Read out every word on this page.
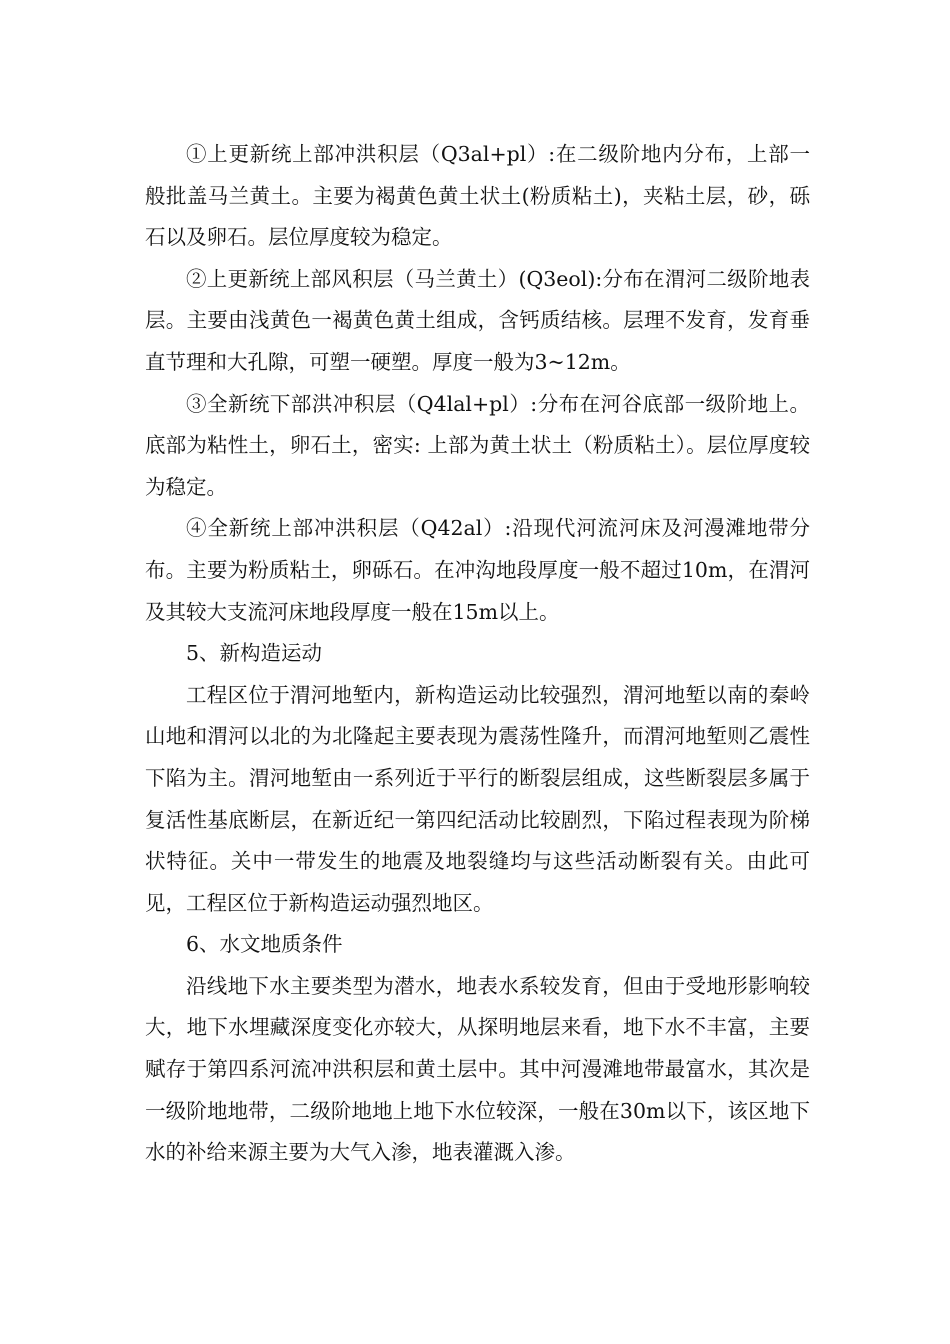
①上更新统上部冲洪积层（Q3al+pl）:在二级阶地内分布，上部一般批盖马兰黄土。主要为褐黄色黄土状土(粉质粘土)，夹粘土层，砂，砾石以及卵石。层位厚度较为稳定。

②上更新统上部风积层（马兰黄土）(Q3eol):分布在渭河二级阶地表层。主要由浅黄色一褐黄色黄土组成，含钙质结核。层理不发育，发育垂直节理和大孔隙，可塑一硬塑。厚度一般为3~12m。

③全新统下部洪冲积层（Q4lal+pl）:分布在河谷底部一级阶地上。底部为粘性土，卵石土，密实: 上部为黄土状土（粉质粘土）。层位厚度较为稳定。

④全新统上部冲洪积层（Q42al）:沿现代河流河床及河漫滩地带分布。主要为粉质粘土，卵砾石。在冲沟地段厚度一般不超过10m，在渭河及其较大支流河床地段厚度一般在15m以上。

5、新构造运动

工程区位于渭河地堑内，新构造运动比较强烈，渭河地堑以南的秦岭山地和渭河以北的为北隆起主要表现为震荡性隆升，而渭河地堑则乙震性下陷为主。渭河地堑由一系列近于平行的断裂层组成，这些断裂层多属于复活性基底断层，在新近纪一第四纪活动比较剧烈，下陷过程表现为阶梯状特征。关中一带发生的地震及地裂缝均与这些活动断裂有关。由此可见，工程区位于新构造运动强烈地区。

6、水文地质条件

沿线地下水主要类型为潜水，地表水系较发育，但由于受地形影响较大，地下水埋藏深度变化亦较大，从探明地层来看，地下水不丰富，主要赋存于第四系河流冲洪积层和黄土层中。其中河漫滩地带最富水，其次是一级阶地地带，二级阶地地上地下水位较深，一般在30m以下，该区地下水的补给来源主要为大气入渗，地表灌溉入渗。
